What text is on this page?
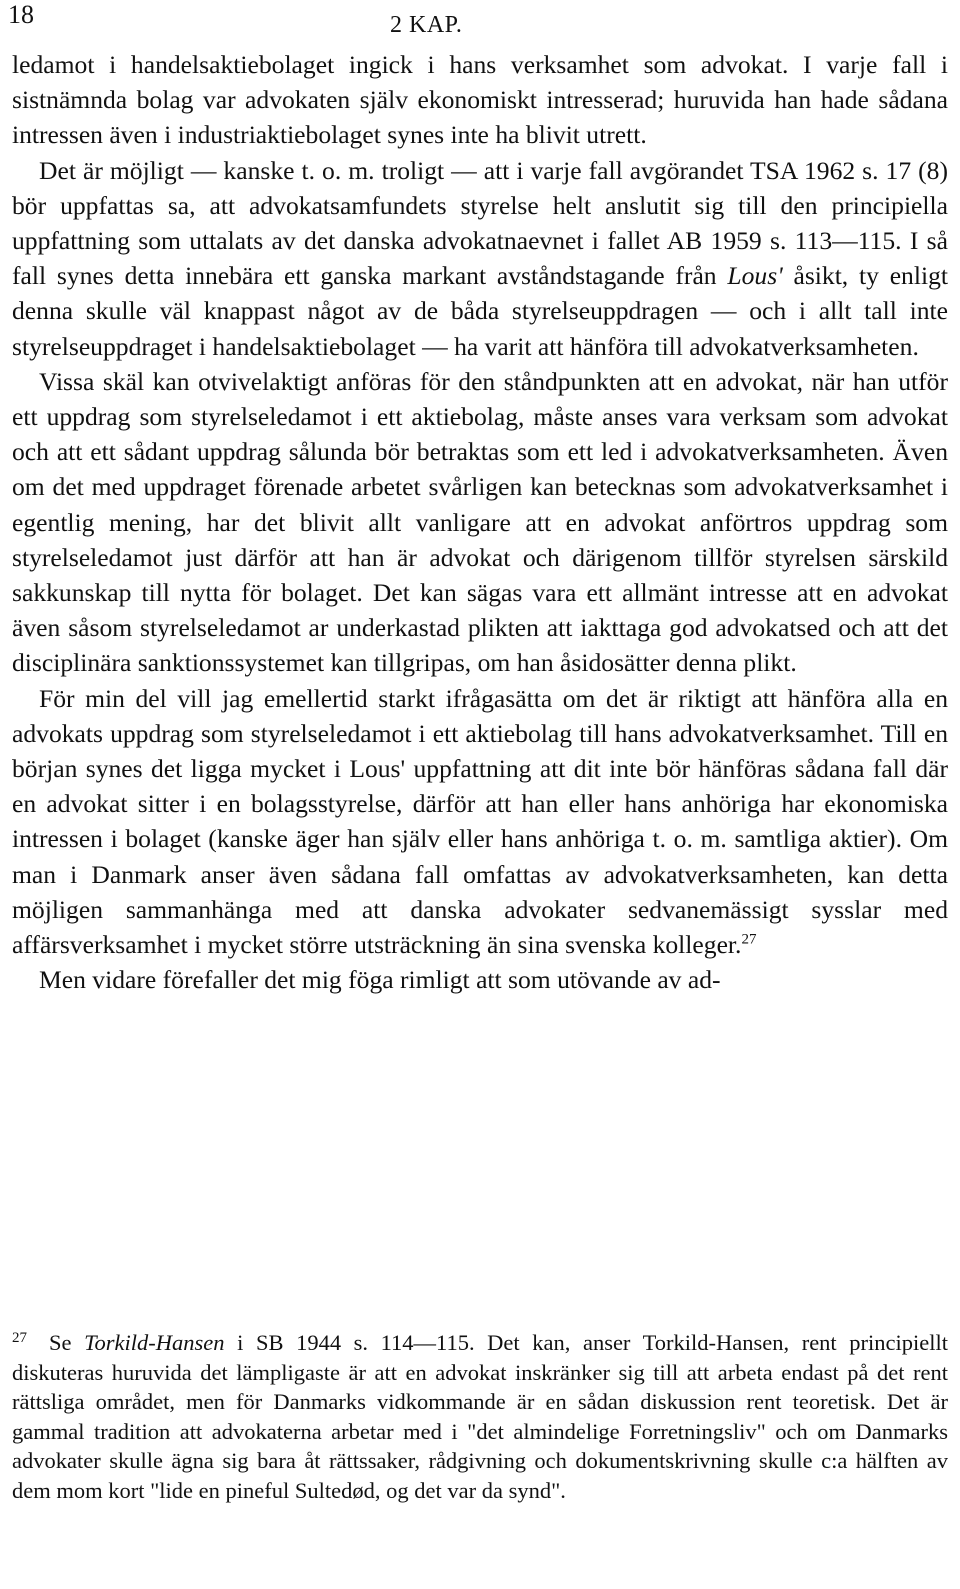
18	2 KAP.

ledamot i handelsaktiebolaget ingick i hans verksamhet som advokat. I varje fall i sistnämnda bolag var advokaten själv ekonomiskt intresserad; huruvida han hade sådana intressen även i industriaktiebolaget synes inte ha blivit utrett.

Det är möjligt — kanske t. o. m. troligt — att i varje fall avgörandet TSA 1962 s. 17 (8) bör uppfattas sa, att advokatsamfundets styrelse helt anslutit sig till den principiella uppfattning som uttalats av det danska advokatnaevnet i fallet AB 1959 s. 113—115. I så fall synes detta innebära ett ganska markant avståndstagande från Lous' åsikt, ty enligt denna skulle väl knappast något av de båda styrelseuppdragen — och i allt tall inte styrelseuppdraget i handelsaktiebolaget — ha varit att hänföra till advokatverksamheten.

Vissa skäl kan otvivelaktigt anföras för den ståndpunkten att en advokat, när han utför ett uppdrag som styrelseledamot i ett aktiebolag, måste anses vara verksam som advokat och att ett sådant uppdrag sålunda bör betraktas som ett led i advokatverksamheten. Även om det med uppdraget förenade arbetet svårligen kan betecknas som advokatverksamhet i egentlig mening, har det blivit allt vanligare att en advokat anförtros uppdrag som styrelseledamot just därför att han är advokat och därigenom tillför styrelsen särskild sakkunskap till nytta för bolaget. Det kan sägas vara ett allmänt intresse att en advokat även såsom styrelseledamot ar underkastad plikten att iakttaga god advokatsed och att det disciplinära sanktionssystemet kan tillgripas, om han åsidosätter denna plikt.

För min del vill jag emellertid starkt ifrågasätta om det är riktigt att hänföra alla en advokats uppdrag som styrelseledamot i ett aktiebolag till hans advokatverksamhet. Till en början synes det ligga mycket i Lous' uppfattning att dit inte bör hänföras sådana fall där en advokat sitter i en bolagsstyrelse, därför att han eller hans anhöriga har ekonomiska intressen i bolaget (kanske äger han själv eller hans anhöriga t. o. m. samtliga aktier). Om man i Danmark anser även sådana fall omfattas av advokatverksamheten, kan detta möjligen sammanhänga med att danska advokater sedvanemässigt sysslar med affärsverksamhet i mycket större utsträckning än sina svenska kolleger.$^{27}$

Men vidare förefaller det mig föga rimligt att som utövande av ad-

$^{27}$ Se Torkild-Hansen i SB 1944 s. 114—115. Det kan, anser Torkild-Hansen, rent principiellt diskuteras huruvida det lämpligaste är att en advokat inskränker sig till att arbeta endast på det rent rättsliga området, men för Danmarks vidkommande är en sådan diskussion rent teoretisk. Det är gammal tradition att advokaterna arbetar med i "det almindelige Forretningsliv" och om Danmarks advokater skulle ägna sig bara åt rättssaker, rådgivning och dokumentskrivning skulle c:a hälften av dem mom kort "lide en pineful Sultedød, og det var da synd".
